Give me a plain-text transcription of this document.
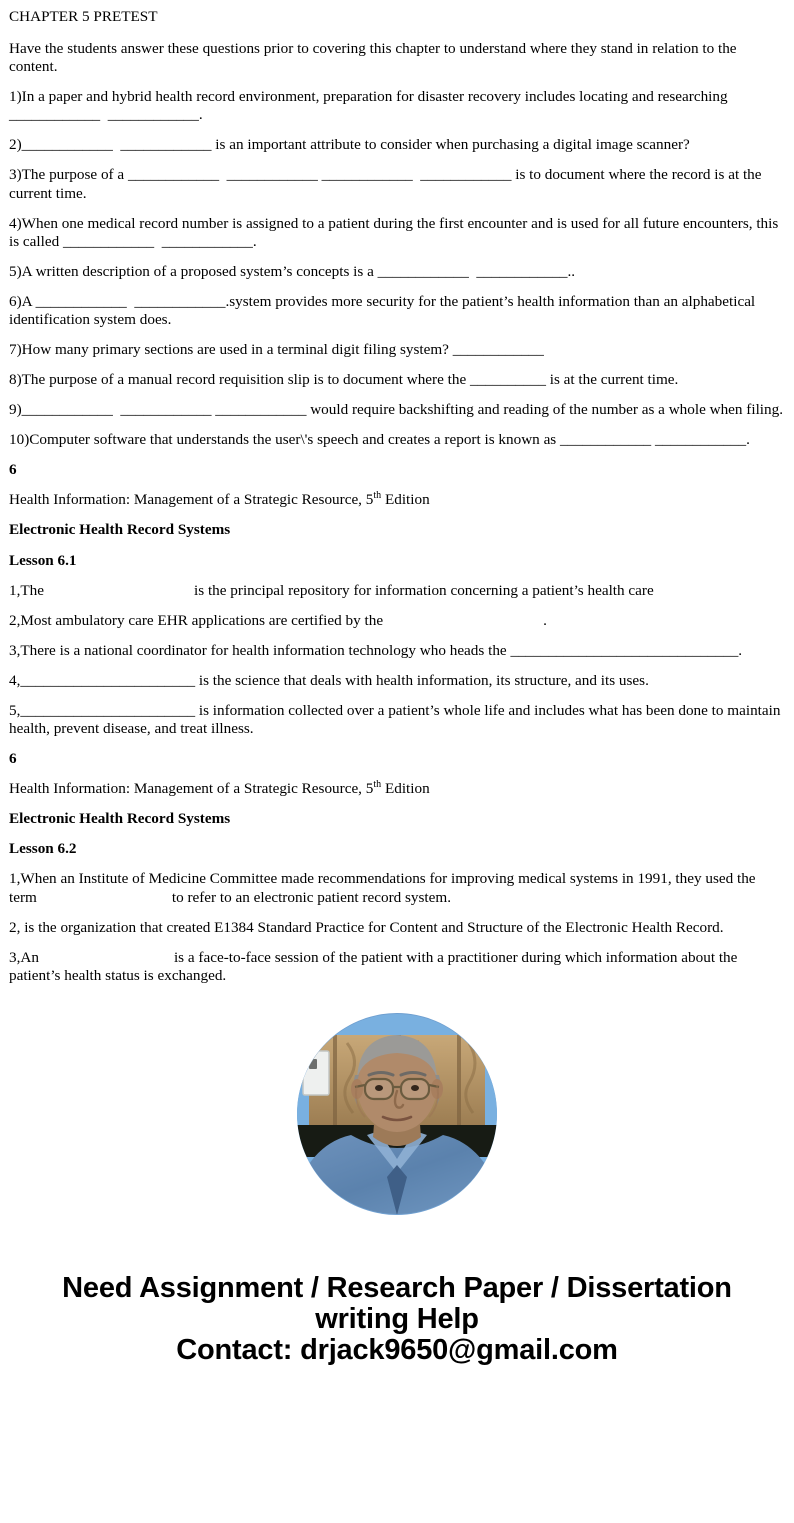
CHAPTER 5 PRETEST

Have the students answer these questions prior to covering this chapter to understand where they stand in relation to the content.

1)In a paper and hybrid health record environment, preparation for disaster recovery includes locating and researching ____________ ____________.

2)____________ ____________ is an important attribute to consider when purchasing a digital image scanner?

3)The purpose of a ____________ ____________ ____________ ____________ is to document where the record is at the current time.

4)When one medical record number is assigned to a patient during the first encounter and is used for all future encounters, this is called ____________ ____________.

5)A written description of a proposed system’s concepts is a ____________ ____________..

6)A ____________ ____________.system provides more security for the patient’s health information than an alphabetical identification system does.

7)How many primary sections are used in a terminal digit filing system? ____________

8)The purpose of a manual record requisition slip is to document where the __________ is at the current time.

9)____________ ____________ ____________ would require backshifting and reading of the number as a whole when filing.

10)Computer software that understands the user\'s speech and creates a report is known as ____________ ____________.

6

Health Information: Management of a Strategic Resource, 5th Edition

Electronic Health Record Systems

Lesson 6.1

1,The	is the principal repository for information concerning a patient’s health care

2,Most ambulatory care EHR applications are certified by the	.

3,There is a national coordinator for health information technology who heads the ______________________________.

4,_______________________ is the science that deals with health information, its structure, and its uses.

5,_______________________ is information collected over a patient’s whole life and includes what has been done to maintain health, prevent disease, and treat illness.

6

Health Information: Management of a Strategic Resource, 5th Edition

Electronic Health Record Systems

Lesson 6.2

1,When an Institute of Medicine Committee made recommendations for improving medical systems in 1991, they used the term	to refer to an electronic patient record system.

2, is the organization that created E1384 Standard Practice for Content and Structure of the Electronic Health Record.

3,An	is a face-to-face session of the patient with a practitioner during which information about the patient’s health status is exchanged.

Need Assignment / Research Paper / Dissertation
writing Help
Contact: drjack9650@gmail.com
